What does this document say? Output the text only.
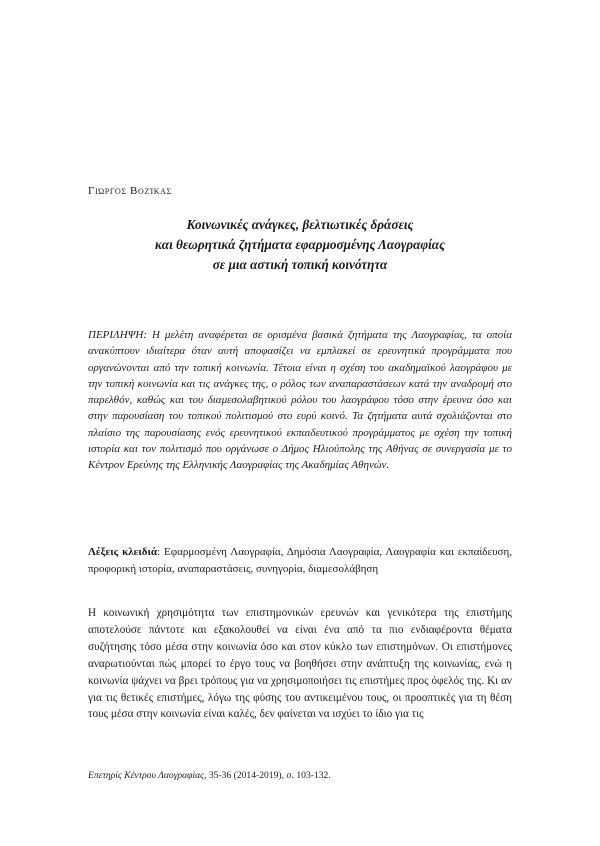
Γιώργος Βοζίκας
Κοινωνικές ανάγκες, βελτιωτικές δράσεις
και θεωρητικά ζητήματα εφαρμοσμένης Λαογραφίας
σε μια αστική τοπική κοινότητα
ΠΕΡΙΛΗΨΗ: Η μελέτη αναφέρεται σε ορισμένα βασικά ζητήματα της Λαογραφίας, τα οποία ανακύπτουν ιδιαίτερα όταν αυτή αποφασίζει να εμπλακεί σε ερευνητικά προγράμματα που οργανώνονται από την τοπική κοινωνία. Τέτοια είναι η σχέση του ακαδημαϊκού λαογράφου με την τοπική κοινωνία και τις ανάγκες της, ο ρόλος των αναπαραστάσεων κατά την αναδρομή στο παρελθόν, καθώς και του διαμεσολαβητικού ρόλου του λαογράφου τόσο στην έρευνα όσο και στην παρουσίαση του τοπικού πολιτισμού στο ευρύ κοινό. Τα ζητήματα αυτά σχολιάζονται στο πλαίσιο της παρουσίασης ενός ερευνητικού εκπαιδευτικού προγράμματος με σχέση την τοπική ιστορία και τον πολιτισμό που οργάνωσε ο Δήμος Ηλιούπολης της Αθήνας σε συνεργασία με το Κέντρον Ερεύνης της Ελληνικής Λαογραφίας της Ακαδημίας Αθηνών.
Λέξεις κλειδιά: Εφαρμοσμένη Λαογραφία, Δημόσια Λαογραφία, Λαογραφία και εκπαίδευση, προφορική ιστορία, αναπαραστάσεις, συνηγορία, διαμεσολάβηση
Η κοινωνική χρησιμότητα των επιστημονικών ερευνών και γενικότερα της επιστήμης αποτελούσε πάντοτε και εξακολουθεί να είναι ένα από τα πιο ενδιαφέροντα θέματα συζήτησης τόσο μέσα στην κοινωνία όσο και στον κύκλο των επιστημόνων. Οι επιστήμονες αναρωτιούνται πώς μπορεί το έργο τους να βοηθήσει στην ανάπτυξη της κοινωνίας, ενώ η κοινωνία ψάχνει να βρει τρόπους για να χρησιμοποιήσει τις επιστήμες προς όφελός της. Κι αν για τις θετικές επιστήμες, λόγω της φύσης του αντικειμένου τους, οι προοπτικές για τη θέση τους μέσα στην κοινωνία είναι καλές, δεν φαίνεται να ισχύει το ίδιο για τις
Επετηρίς Κέντρου Λαογραφίας, 35-36 (2014-2019), σ. 103-132.
